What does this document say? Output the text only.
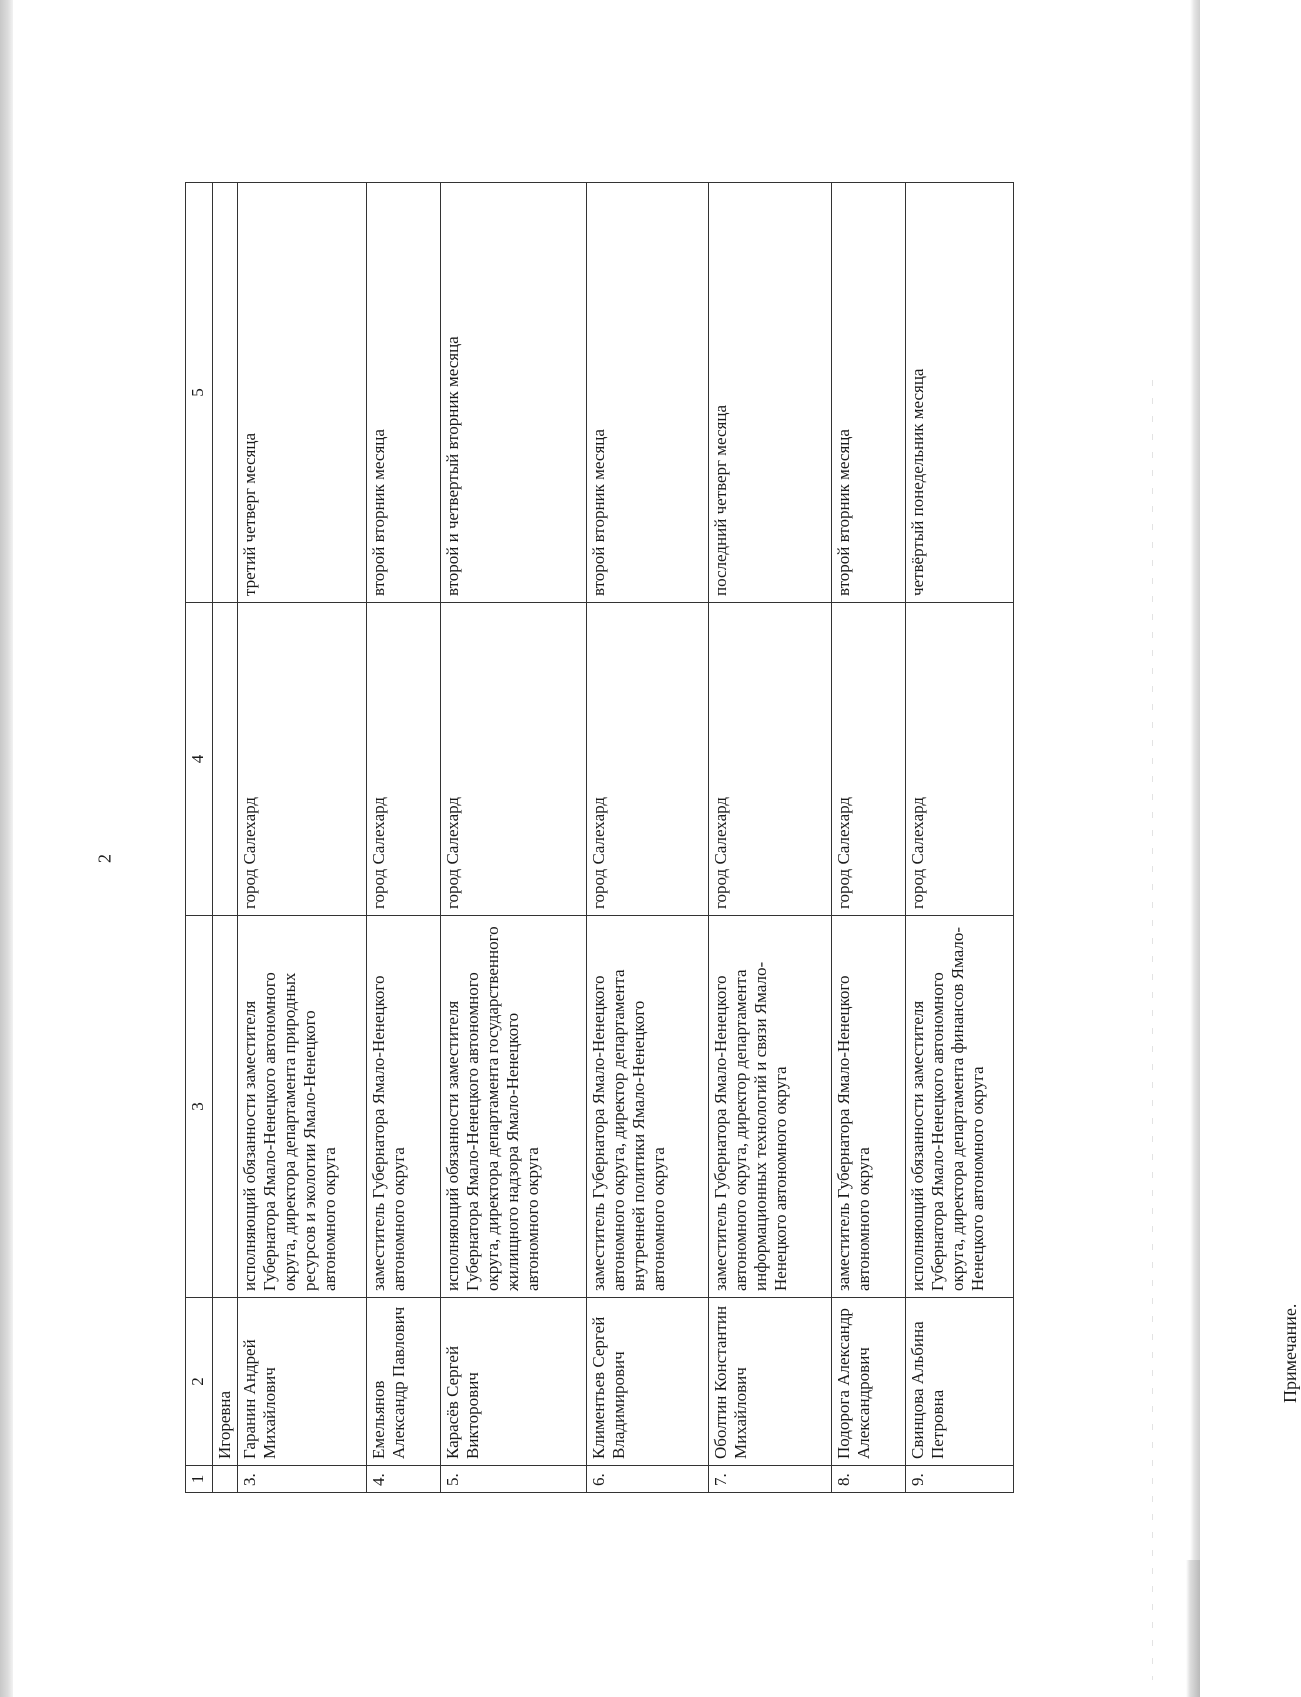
2
1	2	3	4	5
	Игоревна			
3.	Гаранин Андрей Михайлович	исполняющий обязанности заместителя Губернатора Ямало-Ненецкого автономного округа, директора департамента природных ресурсов и экологии Ямало-Ненецкого автономного округа	город Салехард	третий четверг месяца
4.	Емельянов Александр Павлович	заместитель Губернатора Ямало-Ненецкого автономного округа	город Салехард	второй вторник месяца
5.	Карасёв Сергей Викторович	исполняющий обязанности заместителя Губернатора Ямало-Ненецкого автономного округа, директора департамента государственного жилищного надзора Ямало-Ненецкого автономного округа	город Салехард	второй и четвертый вторник месяца
6.	Климентьев Сергей Владимирович	заместитель Губернатора Ямало-Ненецкого автономного округа, директор департамента внутренней политики Ямало-Ненецкого автономного округа	город Салехард	второй вторник месяца
7.	Оболтин Константин Михайлович	заместитель Губернатора Ямало-Ненецкого автономного округа, директор департамента информационных технологий и связи Ямало-Ненецкого автономного округа	город Салехард	последний четверг месяца
8.	Подорога Александр Александрович	заместитель Губернатора Ямало-Ненецкого автономного округа	город Салехард	второй вторник месяца
9.	Свинцова Альбина Петровна	исполняющий обязанности заместителя Губернатора Ямало-Ненецкого автономного округа, директора департамента финансов Ямало-Ненецкого автономного округа	город Салехард	четвёртый понедельник месяца
Примечание.
